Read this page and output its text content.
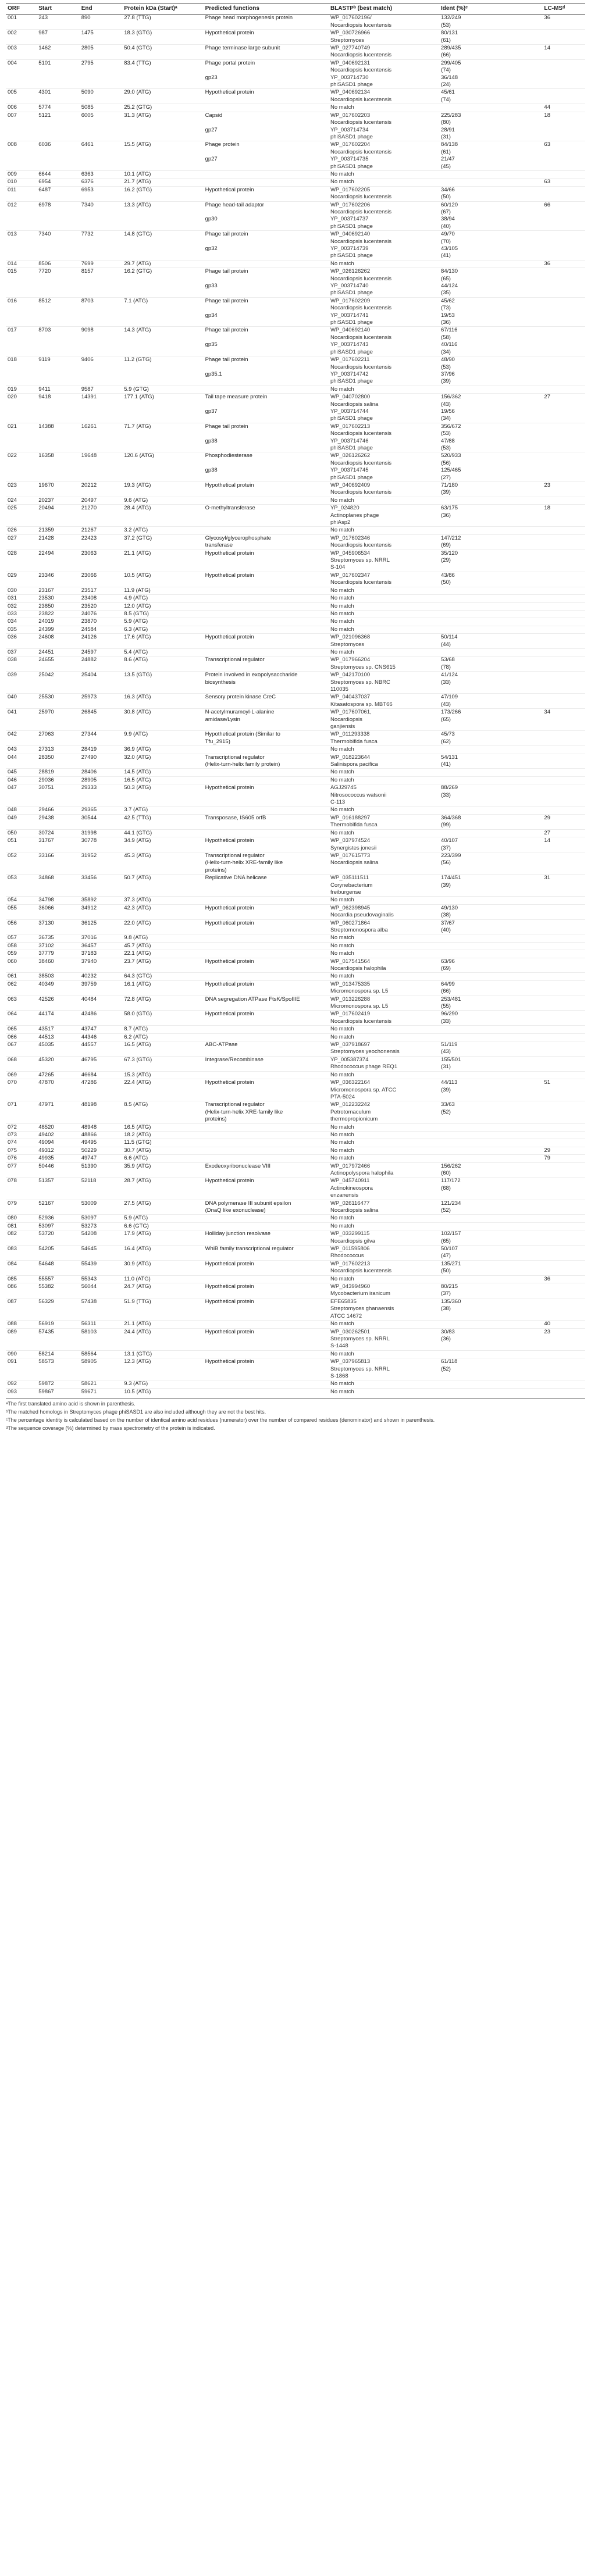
ORF	Start	End	Protein kDa (Start)ᵃ	Predicted functions	BLASTPᵇ (best match)	Ident (%)ᶜ	LC-MSᵈ
001	243	890	27.8 (TTG)	Phage head morphogenesis protein	WP_017602196/	132/249	36
					Nocardiopsis lucentensis	(53)	
002	987	1475	18.3 (GTG)	Hypothetical protein	WP_030726966	80/131	
					Streptomyces	(61)	
003	1462	2805	50.4 (GTG)	Phage terminase large subunit	WP_027740749	289/435	14
					Nocardiopsis lucentensis	(66)	
004	5101	2795	83.4 (TTG)	Phage portal protein	WP_040692131	299/405	
					Nocardiopsis lucentensis	(74)	
				gp23	YP_003714730	36/148	
					phiSASD1 phage	(24)	
005	4301	5090	29.0 (ATG)	Hypothetical protein	WP_040692134	45/61	
					Nocardiopsis lucentensis	(74)	
006	5774	5085	25.2 (GTG)		No match		44
007	5121	6005	31.3 (ATG)	Capsid	WP_017602203	225/283	18
					Nocardiopsis lucentensis	(80)	
				gp27	YP_003714734	28/91	
					phiSASD1 phage	(31)	
008	6036	6461	15.5 (ATG)	Phage protein	WP_017602204	84/138	63
					Nocardiopsis lucentensis	(61)	
				gp27	YP_003714735	21/47	
					phiSASD1 phage	(45)	
009	6644	6363	10.1 (ATG)		No match		
010	6954	6376	21.7 (ATG)		No match		63
011	6487	6953	16.2 (GTG)	Hypothetical protein	WP_017602205	34/66	
					Nocardiopsis lucentensis	(50)	
012	6978	7340	13.3 (ATG)	Phage head-tail adaptor	WP_017602206	60/120	66
					Nocardiopsis lucentensis	(67)	
				gp30	YP_003714737	38/94	
					phiSASD1 phage	(40)	
013	7340	7732	14.8 (GTG)	Phage tail protein	WP_040692140	49/70	
					Nocardiopsis lucentensis	(70)	
				gp32	YP_003714739	43/105	
					phiSASD1 phage	(41)	
014	8506	7699	29.7 (ATG)		No match		36
015	7720	8157	16.2 (GTG)	Phage tail protein	WP_026126262	84/130	
					Nocardiopsis lucentensis	(65)	
				gp33	YP_003714740	44/124	
					phiSASD1 phage	(35)	
016	8512	8703	7.1 (ATG)	Phage tail protein	WP_017602209	45/62	
					Nocardiopsis lucentensis	(73)	
				gp34	YP_003714741	19/53	
					phiSASD1 phage	(36)	
017	8703	9098	14.3 (ATG)	Phage tail protein	WP_040692140	67/116	
					Nocardiopsis lucentensis	(58)	
				gp35	YP_003714743	40/116	
					phiSASD1 phage	(34)	
018	9119	9406	11.2 (GTG)	Phage tail protein	WP_017602211	48/90	
					Nocardiopsis lucentensis	(53)	
				gp35.1	YP_003714742	37/96	
					phiSASD1 phage	(39)	
019	9411	9587	5.9 (GTG)		No match		
020	9418	14391	177.1 (ATG)	Tail tape measure protein	WP_040702800	156/362	27
					Nocardiopsis salina	(43)	
				gp37	YP_003714744	19/56	
					phiSASD1 phage	(34)	
021	14388	16261	71.7 (ATG)	Phage tail protein	WP_017602213	356/672	
					Nocardiopsis lucentensis	(53)	
				gp38	YP_003714746	47/88	
					phiSASD1 phage	(53)	
022	16358	19648	120.6 (ATG)	Phosphodiesterase	WP_026126262	520/933	
					Nocardiopsis lucentensis	(56)	
				gp38	YP_003714745	125/465	
					phiSASD1 phage	(27)	
023	19670	20212	19.3 (ATG)	Hypothetical protein	WP_040692409	71/180	23
					Nocardiopsis lucentensis	(39)	
024	20237	20497	9.6 (ATG)		No match		
025	20494	21270	28.4 (ATG)	O-methyltransferase	YP_024820	63/175	18
					Actinoplanes phage	(36)	
					phiAsp2		
026	21359	21267	3.2 (ATG)		No match		
027	21428	22423	37.2 (GTG)	Glycosyl/glycerophosphate	WP_017602346	147/212	
				transferase	Nocardiopsis lucentensis	(69)	
028	22494	23063	21.1 (ATG)	Hypothetical protein	WP_045906534	35/120	
					Streptomyces sp. NRRL	(29)	
					S-104		
029	23346	23066	10.5 (ATG)	Hypothetical protein	WP_017602347	43/86	
					Nocardiopsis lucentensis	(50)	
030	23167	23517	11.9 (ATG)		No match		
031	23530	23408	4.9 (ATG)		No match		
032	23850	23520	12.0 (ATG)		No match		
033	23822	24076	8.5 (GTG)		No match		
034	24019	23870	5.9 (ATG)		No match		
035	24399	24584	6.3 (ATG)		No match		
036	24608	24126	17.6 (ATG)	Hypothetical protein	WP_021096368	50/114	
					Streptomyces	(44)	
037	24451	24597	5.4 (ATG)		No match		
038	24655	24882	8.6 (ATG)	Transcriptional regulator	WP_017966204	53/68	
					Streptomyces sp. CNS615	(78)	
039	25042	25404	13.5 (GTG)	Protein involved in exopolysaccharide	WP_042170100	41/124	
				biosynthesis	Streptomyces sp. NBRC	(33)	
					110035		
040	25530	25973	16.3 (ATG)	Sensory protein kinase CreC	WP_040437037	47/109	
					Kitasatospora sp. MBT66	(43)	
041	25970	26845	30.8 (ATG)	N-acetylmuramoyl-L-alanine	WP_017607061,	173/266	34
				amidase/Lysin	Nocardiopsis	(65)	
					ganjiensis		
042	27063	27344	9.9 (ATG)	Hypothetical protein (Similar to	WP_011293338	45/73	
				Tfu_2915)	Thermobifida fusca	(62)	
043	27313	28419	36.9 (ATG)		No match		
044	28350	27490	32.0 (ATG)	Transcriptional regulator	WP_018223644	54/131	
				(Helix-turn-helix family protein)	Salinispora pacifica	(41)	
045	28819	28406	14.5 (ATG)		No match		
046	29036	28905	16.5 (ATG)		No match		
047	30751	29333	50.3 (ATG)	Hypothetical protein	AGJ29745	88/269	
					Nitrosococcus watsonii	(33)	
					C-113		
048	29466	29365	3.7 (ATG)		No match		
049	29438	30544	42.5 (TTG)	Transposase, IS605 orfB	WP_016188297	364/368	29
					Thermobifida fusca	(99)	
050	30724	31998	44.1 (GTG)		No match		27
051	31767	30778	34.9 (ATG)	Hypothetical protein	WP_037974524	40/107	14
					Synergistes jonesii	(37)	
052	33166	31952	45.3 (ATG)	Transcriptional regulator	WP_017615773	223/399	
				(Helix-turn-helix XRE-family like	Nocardiopsis salina	(56)	
				proteins)			
053	34868	33456	50.7 (ATG)	Replicative DNA helicase	WP_035111511	174/451	31
					Corynebacterium	(39)	
					freiburgense		
054	34798	35892	37.3 (ATG)		No match		
055	36066	34912	42.3 (ATG)	Hypothetical protein	WP_062398945	49/130	
					Nocardia pseudovaginalis	(38)	
056	37130	36125	22.0 (ATG)	Hypothetical protein	WP_060271864	37/67	
					Streptomonospora alba	(40)	
057	36735	37016	9.8 (ATG)		No match		
058	37102	36457	45.7 (ATG)		No match		
059	37779	37183	22.1 (ATG)		No match		
060	38460	37940	23.7 (ATG)	Hypothetical protein	WP_017541564	63/96	
					Nocardiopsis halophila	(69)	
061	38503	40232	64.3 (GTG)		No match		
062	40349	39759	16.1 (ATG)	Hypothetical protein	WP_013475335	64/99	
					Micromonospora sp. L5	(66)	
063	42526	40484	72.8 (ATG)	DNA segregation ATPase FtsK/SpoIIIE	WP_013226288	253/481	
					Micromonospora sp. L5	(55)	
064	44174	42486	58.0 (GTG)	Hypothetical protein	WP_017602419	96/290	
					Nocardiopsis lucentensis	(33)	
065	43517	43747	8.7 (ATG)		No match		
066	44513	44346	6.2 (ATG)		No match		
067	45035	44557	16.5 (ATG)	ABC-ATPase	WP_037918697	51/119	
					Streptomyces yeochonensis	(43)	
068	45320	46795	67.3 (GTG)	Integrase/Recombinase	YP_005387374	155/501	
					Rhodococcus phage REQ1	(31)	
069	47265	46684	15.3 (ATG)		No match		
070	47870	47286	22.4 (ATG)	Hypothetical protein	WP_036322164	44/113	51
					Micromonospora sp. ATCC	(39)	
					PTA-5024		
071	47971	48198	8.5 (ATG)	Transcriptional regulator	WP_012232242	33/63	
				(Helix-turn-helix XRE-family like	Petrotomaculum	(52)	
				proteins)	thermopropionicum		
072	48520	48948	16.5 (ATG)		No match		
073	49402	48866	18.2 (ATG)		No match		
074	49094	49495	11.5 (GTG)		No match		
075	49312	50229	30.7 (ATG)		No match		29
076	49935	49747	6.6 (ATG)		No match		79
077	50446	51390	35.9 (ATG)	Exodeoxyribonuclease VIII	WP_017972466	156/262	
					Actinopolyspora halophila	(60)	
078	51357	52118	28.7 (ATG)	Hypothetical protein	WP_045740911	117/172	
					Actinokineospora	(68)	
					enzanensis		
079	52167	53009	27.5 (ATG)	DNA polymerase III subunit epsilon	WP_026116477	121/234	
				(DnaQ like exonuclease)	Nocardiopsis salina	(52)	
080	52936	53097	5.9 (ATG)		No match		
081	53097	53273	6.6 (GTG)		No match		
082	53720	54208	17.9 (ATG)	Holliday junction resolvase	WP_033299115	102/157	
					Nocardiopsis gilva	(65)	
083	54205	54645	16.4 (ATG)	WhiB family transcriptional regulator	WP_011595806	50/107	
					Rhodococcus	(47)	
084	54648	55439	30.9 (ATG)	Hypothetical protein	WP_017602213	135/271	
					Nocardiopsis lucentensis	(50)	
085	55557	55343	11.0 (ATG)		No match		36
086	55382	56044	24.7 (ATG)	Hypothetical protein	WP_043994960	80/215	
					Mycobacterium iranicum	(37)	
087	56329	57438	51.9 (TTG)	Hypothetical protein	EFE65835	135/360	
					Streptomyces ghanaensis	(38)	
					ATCC 14672		
088	56919	56311	21.1 (ATG)		No match		40
089	57435	58103	24.4 (ATG)	Hypothetical protein	WP_030262501	30/83	23
					Streptomyces sp. NRRL	(36)	
					S-1448		
090	58214	58564	13.1 (GTG)		No match		
091	58573	58905	12.3 (ATG)	Hypothetical protein	WP_037965813	61/118	
					Streptomyces sp. NRRL	(52)	
					S-1868		
092	59872	58621	9.3 (ATG)		No match		
093	59867	59671	10.5 (ATG)		No match		

ᵃThe first translated amino acid is shown in parenthesis.

ᵇThe matched homologs in Streptomyces phage phiSASD1 are also included although they are not the best hits.

ᶜThe percentage identity is calculated based on the number of identical amino acid residues (numerator) over the number of compared residues (denominator) and shown in parenthesis.

ᵈThe sequence coverage (%) determined by mass spectrometry of the protein is indicated.
